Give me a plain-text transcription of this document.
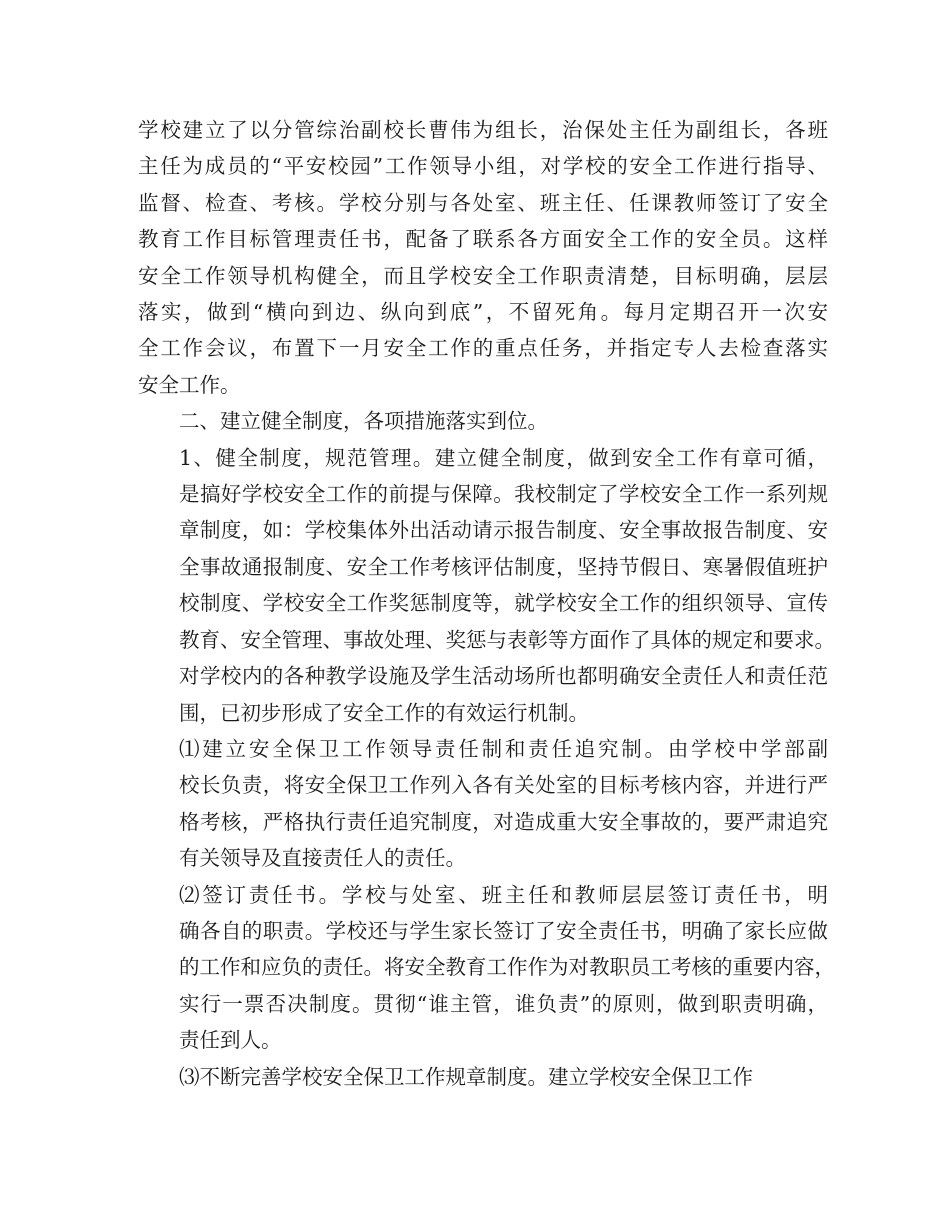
学校建立了以分管综治副校长曹伟为组长，治保处主任为副组长，各班
主任为成员的“平安校园”工作领导小组，对学校的安全工作进行指导、
监督、检查、考核。学校分别与各处室、班主任、任课教师签订了安全
教育工作目标管理责任书，配备了联系各方面安全工作的安全员。这样
安全工作领导机构健全，而且学校安全工作职责清楚，目标明确，层层
落实，做到“横向到边、纵向到底”，不留死角。每月定期召开一次安
全工作会议，布置下一月安全工作的重点任务，并指定专人去检查落实
安全工作。

二、建立健全制度，各项措施落实到位。

1、健全制度，规范管理。建立健全制度，做到安全工作有章可循，
是搞好学校安全工作的前提与保障。我校制定了学校安全工作一系列规
章制度，如：学校集体外出活动请示报告制度、安全事故报告制度、安
全事故通报制度、安全工作考核评估制度，坚持节假日、寒暑假值班护
校制度、学校安全工作奖惩制度等，就学校安全工作的组织领导、宣传
教育、安全管理、事故处理、奖惩与表彰等方面作了具体的规定和要求。
对学校内的各种教学设施及学生活动场所也都明确安全责任人和责任范
围，已初步形成了安全工作的有效运行机制。

⑴建立安全保卫工作领导责任制和责任追究制。由学校中学部副
校长负责，将安全保卫工作列入各有关处室的目标考核内容，并进行严
格考核，严格执行责任追究制度，对造成重大安全事故的，要严肃追究
有关领导及直接责任人的责任。

⑵签订责任书。学校与处室、班主任和教师层层签订责任书，明
确各自的职责。学校还与学生家长签订了安全责任书，明确了家长应做
的工作和应负的责任。将安全教育工作作为对教职员工考核的重要内容，
实行一票否决制度。贯彻“谁主管，谁负责”的原则，做到职责明确，
责任到人。

⑶不断完善学校安全保卫工作规章制度。建立学校安全保卫工作
